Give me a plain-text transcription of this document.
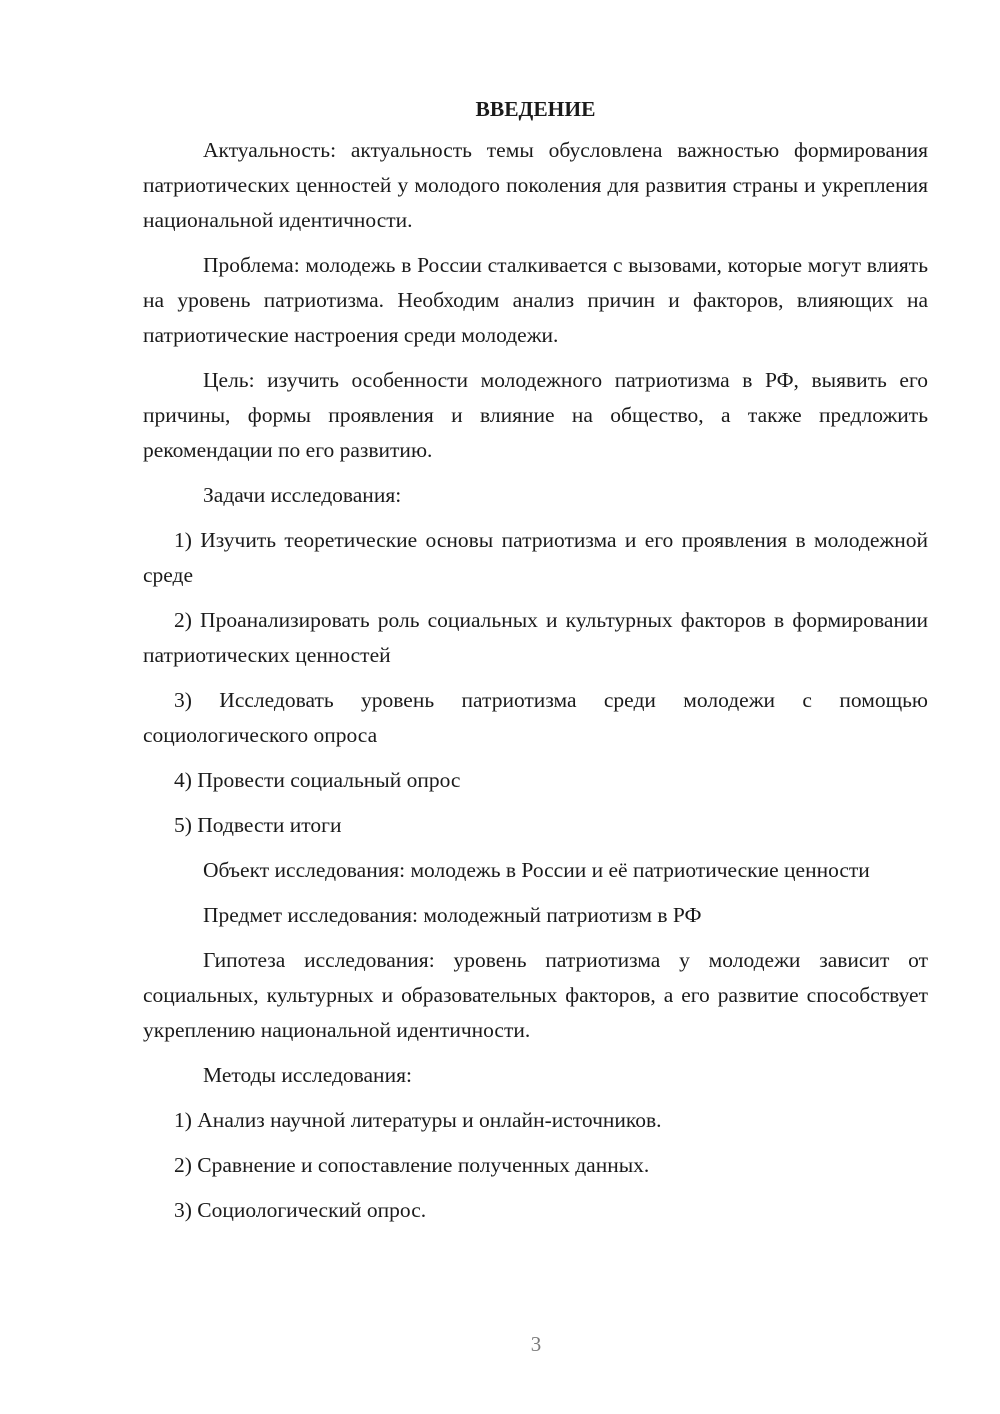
ВВЕДЕНИЕ

Актуальность: актуальность темы обусловлена важностью формирования патриотических ценностей у молодого поколения для развития страны и укрепления национальной идентичности.

Проблема: молодежь в России сталкивается с вызовами, которые могут влиять на уровень патриотизма. Необходим анализ причин и факторов, влияющих на патриотические настроения среди молодежи.

Цель: изучить особенности молодежного патриотизма в РФ, выявить его причины, формы проявления и влияние на общество, а также предложить рекомендации по его развитию.

Задачи исследования:

1) Изучить теоретические основы патриотизма и его проявления в молодежной среде

2) Проанализировать роль социальных и культурных факторов в формировании патриотических ценностей

3) Исследовать уровень патриотизма среди молодежи с помощью социологического опроса

4) Провести социальный опрос

5) Подвести итоги

Объект исследования: молодежь в России и её патриотические ценности

Предмет исследования: молодежный патриотизм в РФ

Гипотеза исследования: уровень патриотизма у молодежи зависит от социальных, культурных и образовательных факторов, а его развитие способствует укреплению национальной идентичности.

Методы исследования:

1) Анализ научной литературы и онлайн-источников.

2) Сравнение и сопоставление полученных данных.

3) Социологический опрос.

3
